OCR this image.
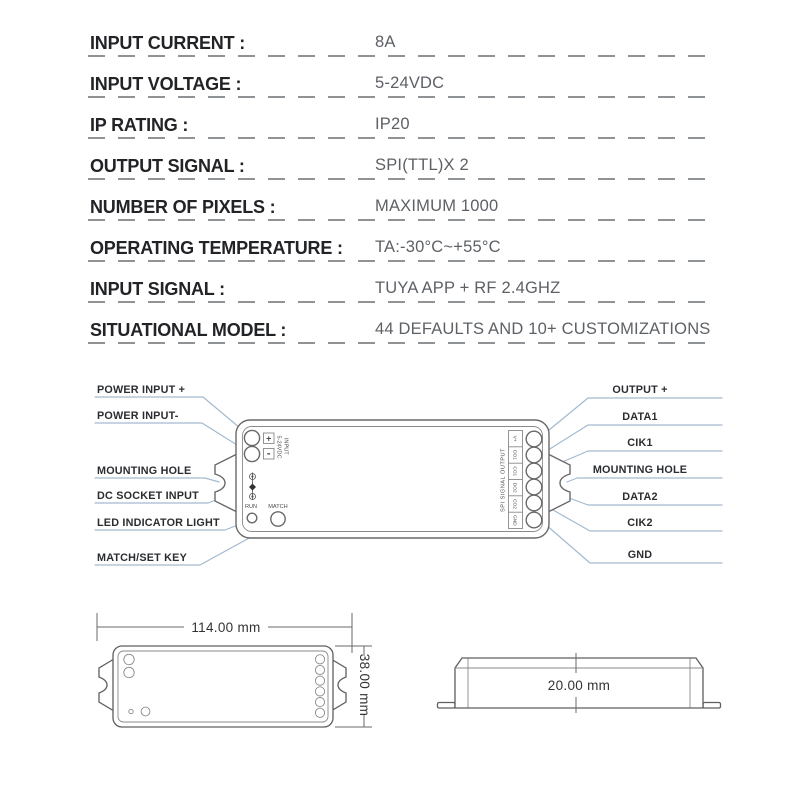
INPUT CURRENT :	8A
INPUT VOLTAGE :	5-24VDC
IP RATING :	IP20
OUTPUT SIGNAL :	SPI(TTL)X 2
NUMBER OF PIXELS :	MAXIMUM 1000
OPERATING TEMPERATURE : TA:-30°C~+55°C
INPUT SIGNAL :	TUYA APP + RF 2.4GHZ
SITUATIONAL MODEL :	44 DEFAULTS AND 10+ CUSTOMIZATIONS
+
-	INPUT 5-24VDC
RUN MATCH	SPI SIGNAL OUTPUT
V+
DO1
CO1
DO2
CO2
GND
POWER INPUT +
POWER INPUT-
MOUNTING HOLE
DC SOCKET INPUT
LED INDICATOR LIGHT
MATCH/SET KEY
OUTPUT +
DATA1
CIK1
MOUNTING HOLE
DATA2
CIK2
GND
114.00 mm
38.00 mm	20.00 mm
